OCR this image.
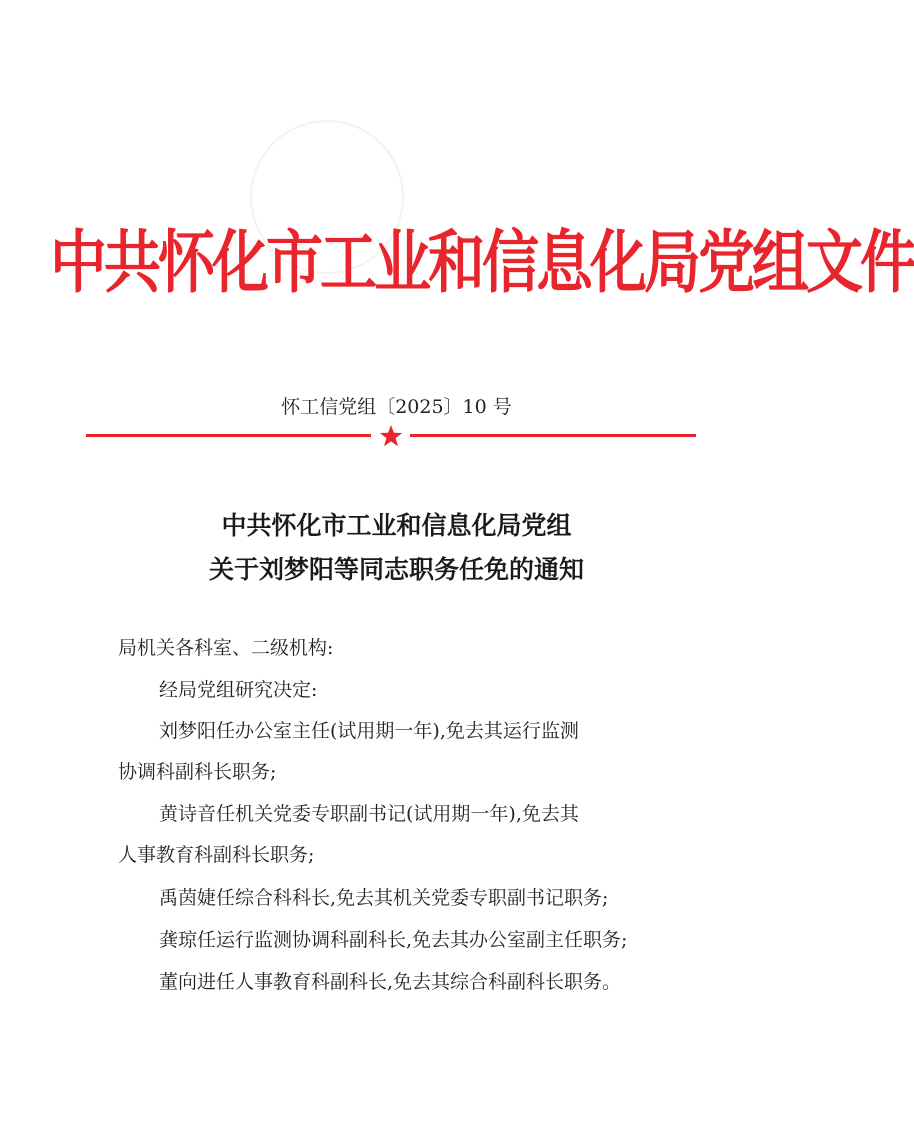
中共怀化市工业和信息化局党组文件
怀工信党组〔2025〕10 号
中共怀化市工业和信息化局党组
关于刘梦阳等同志职务任免的通知
局机关各科室、二级机构:
经局党组研究决定:
刘梦阳任办公室主任(试用期一年),免去其运行监测
协调科副科长职务;
黄诗音任机关党委专职副书记(试用期一年),免去其
人事教育科副科长职务;
禹茵婕任综合科科长,免去其机关党委专职副书记职务;
龚琼任运行监测协调科副科长,免去其办公室副主任职务;
董向进任人事教育科副科长,免去其综合科副科长职务。
